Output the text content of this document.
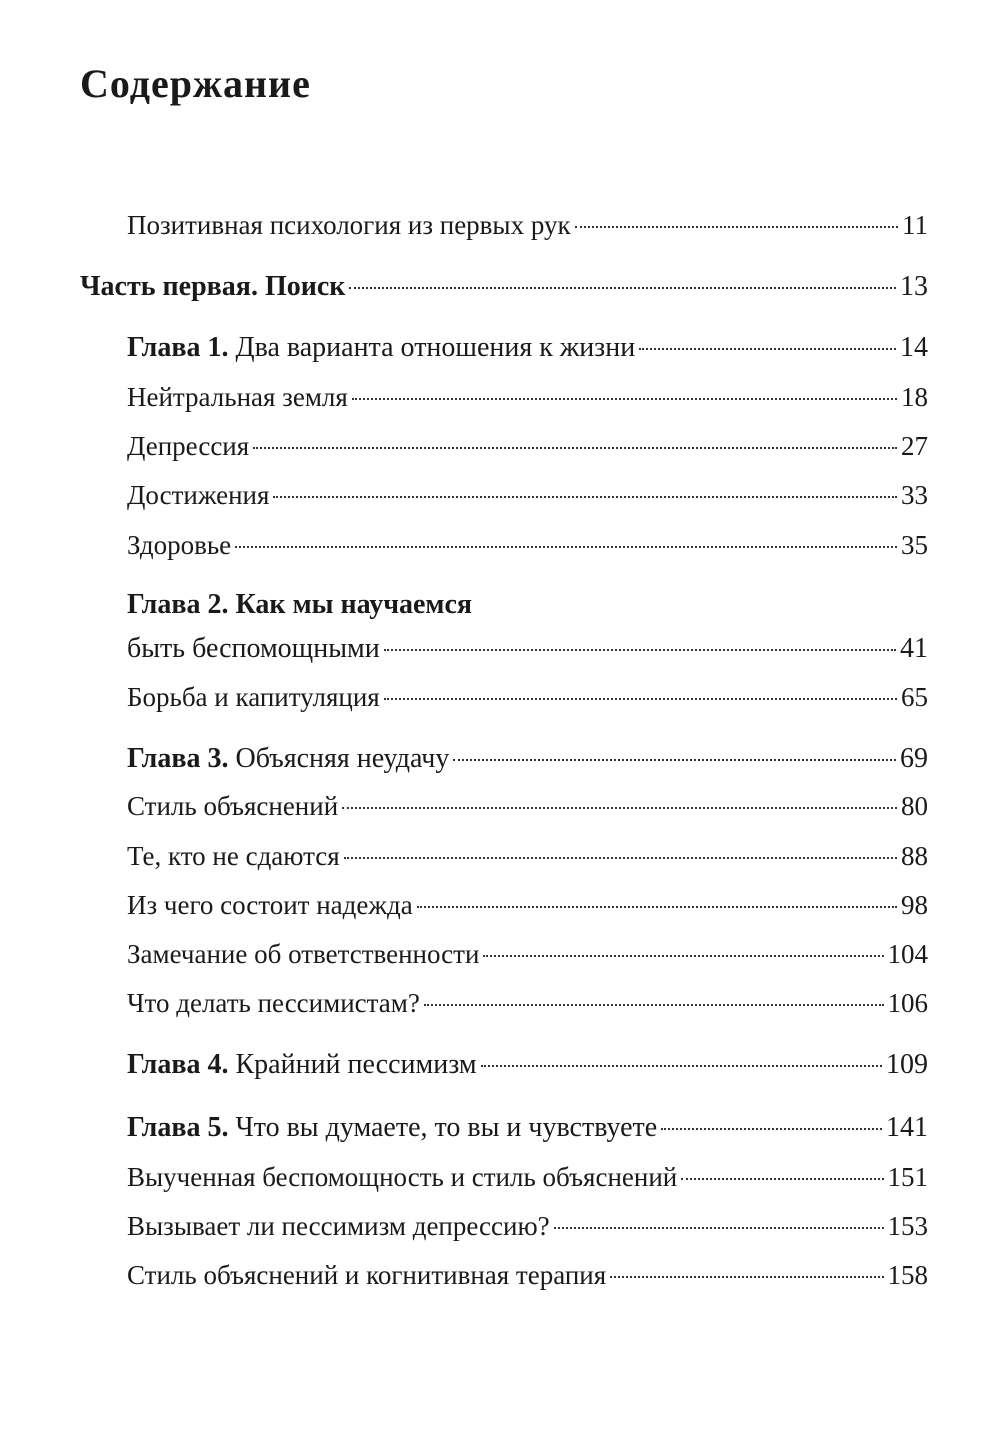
Содержание
Позитивная психология из первых рук	11
Часть первая. Поиск	13
Глава 1. Два варианта отношения к жизни	14
Нейтральная земля	18
Депрессия	27
Достижения	33
Здоровье	35
Глава 2. Как мы научаемся
быть беспомощными	41
Борьба и капитуляция	65
Глава 3. Объясняя неудачу	69
Стиль объяснений	80
Те, кто не сдаются	88
Из чего состоит надежда	98
Замечание об ответственности	104
Что делать пессимистам?	106
Глава 4. Крайний пессимизм	109
Глава 5. Что вы думаете, то вы и чувствуете	141
Выученная беспомощность и стиль объяснений	151
Вызывает ли пессимизм депрессию?	153
Стиль объяснений и когнитивная терапия	158
